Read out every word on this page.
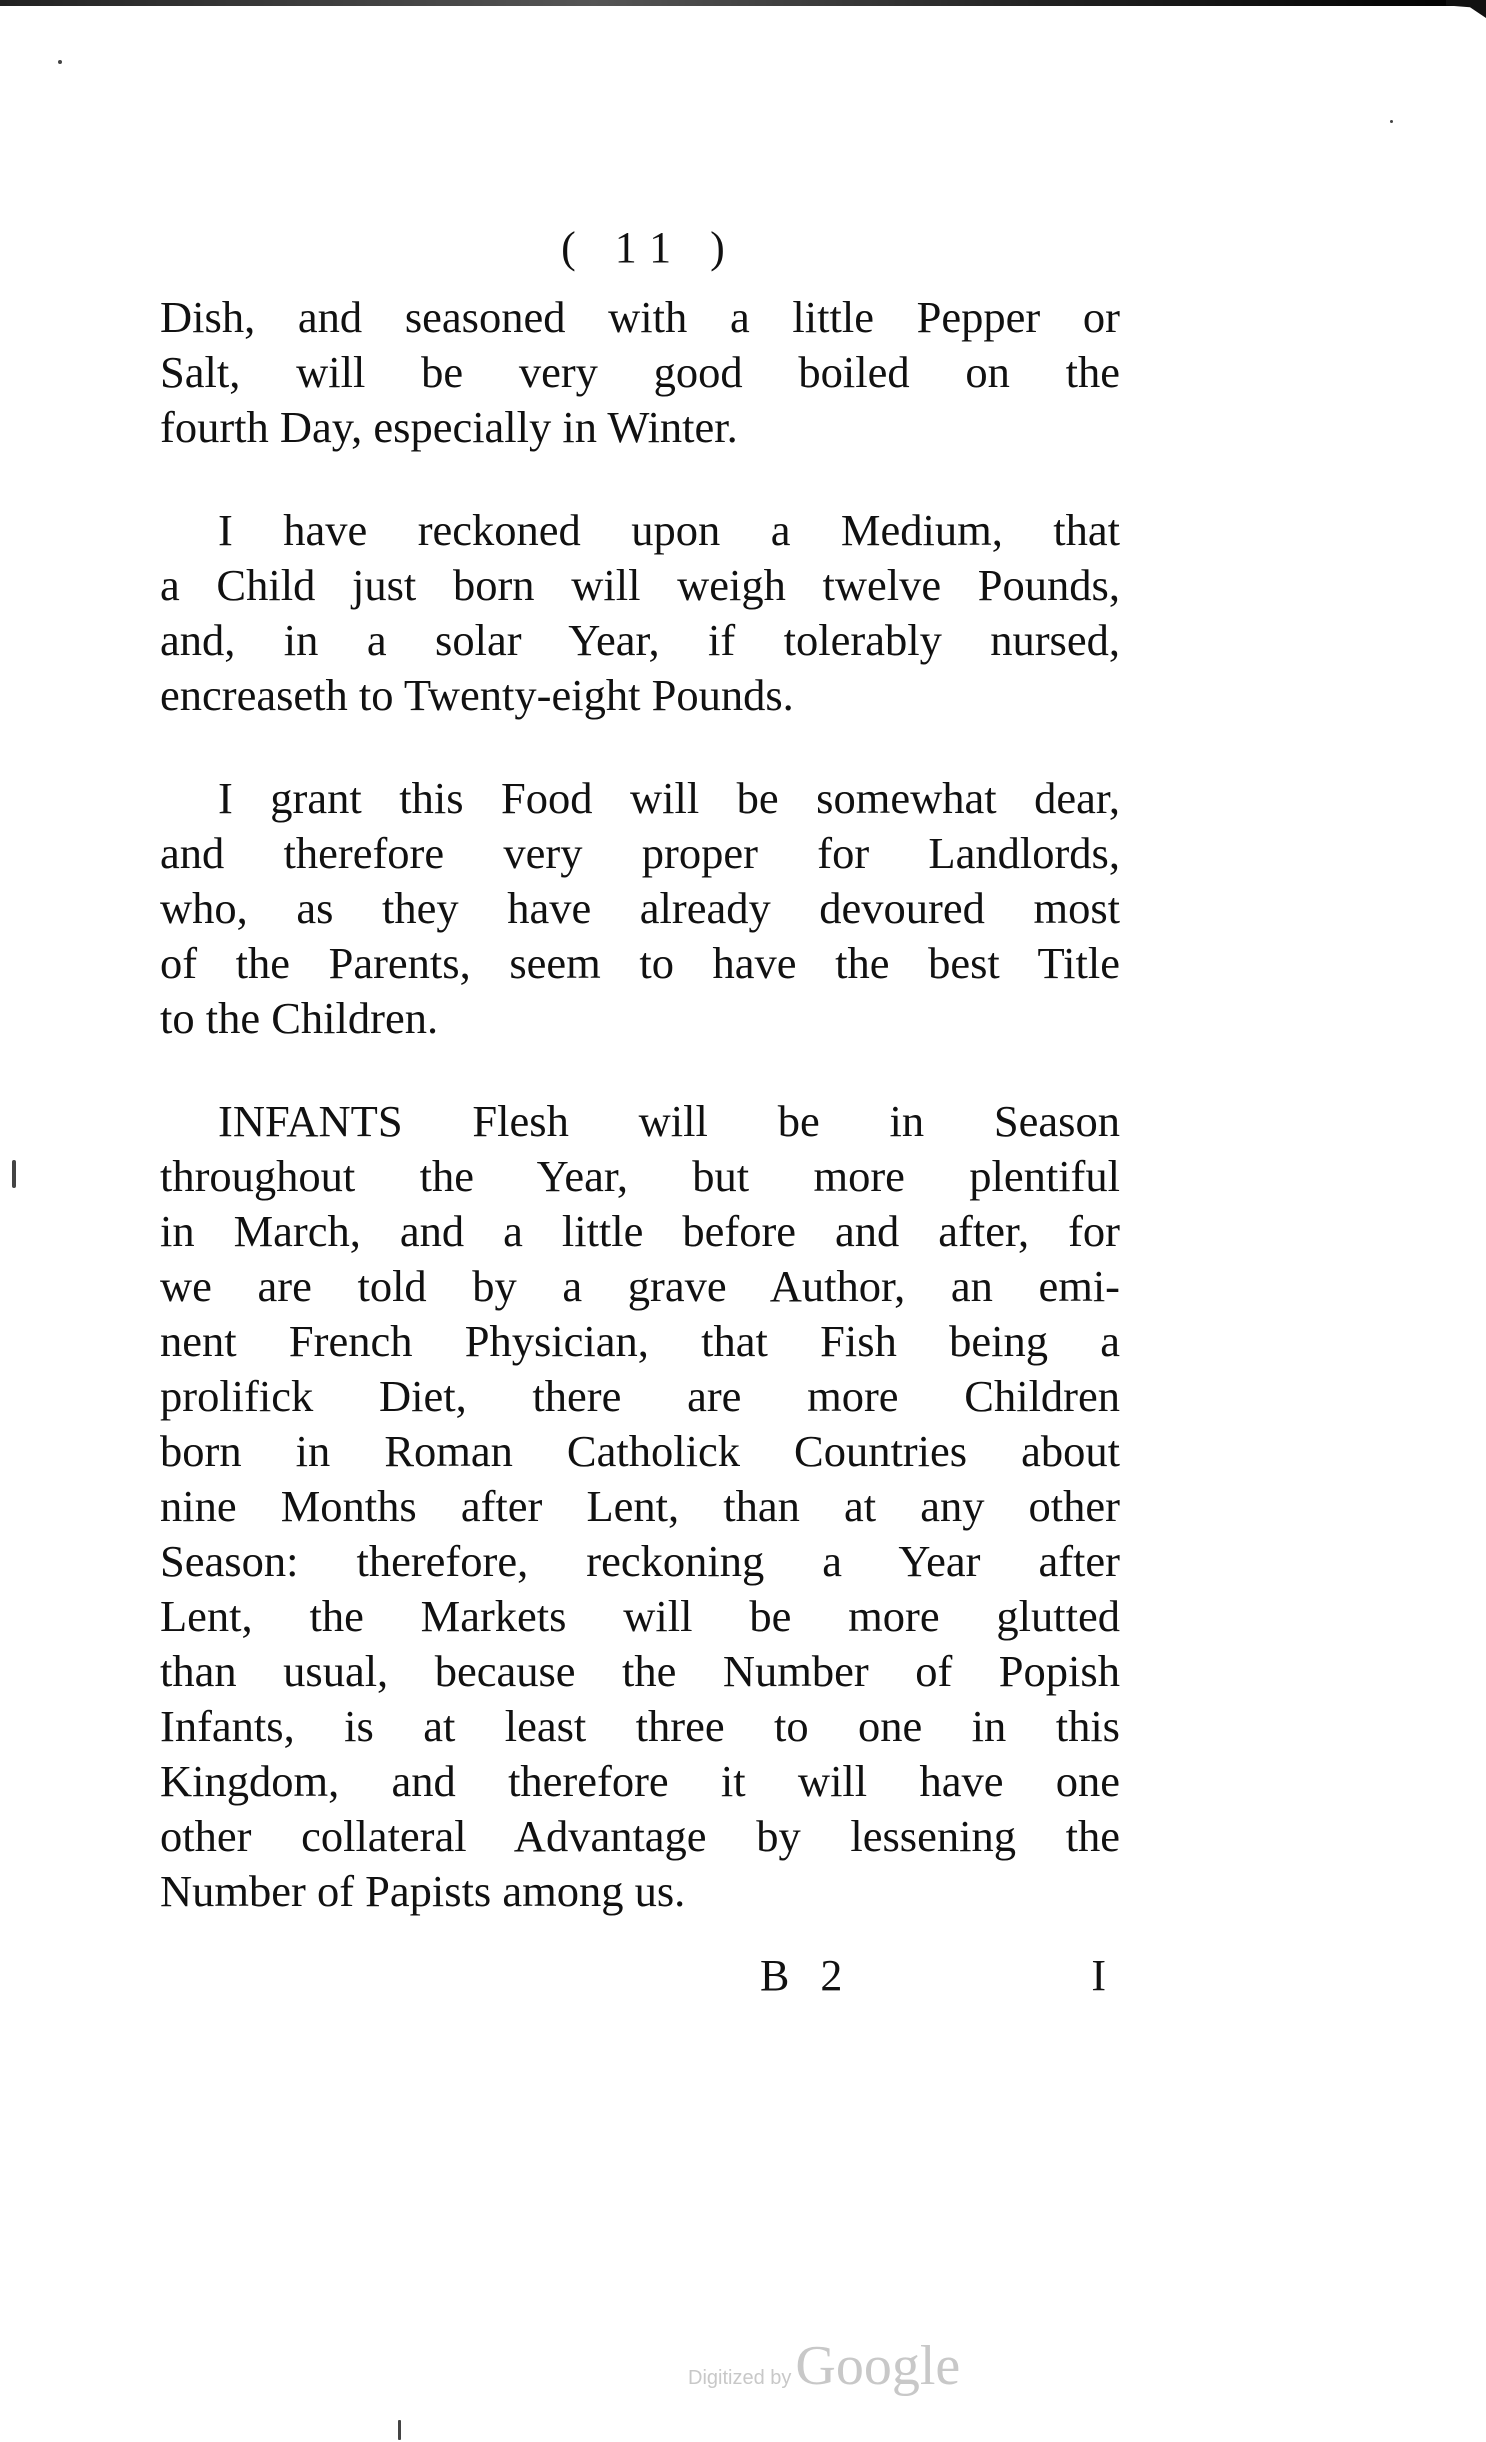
( 11 )

Dish, and seasoned with a little Pepper or
Salt, will be very good boiled on the
fourth Day, especially in Winter.

I have reckoned upon a Medium, that
a Child just born will weigh twelve Pounds,
and, in a solar Year, if tolerably nursed,
encreaseth to Twenty-eight Pounds.

I grant this Food will be somewhat dear,
and therefore very proper for Landlords,
who, as they have already devoured most
of the Parents, seem to have the best Title
to the Children.

INFANTS Flesh will be in Season
throughout the Year, but more plentiful
in March, and a little before and after, for
we are told by a grave Author, an emi-
nent French Physician, that Fish being a
prolifick Diet, there are more Children
born in Roman Catholick Countries about
nine Months after Lent, than at any other
Season: therefore, reckoning a Year after
Lent, the Markets will be more glutted
than usual, because the Number of Popish
Infants, is at least three to one in this
Kingdom, and therefore it will have one
other collateral Advantage by lessening the
Number of Papists among us.

B 2	I
Digitized by Google
